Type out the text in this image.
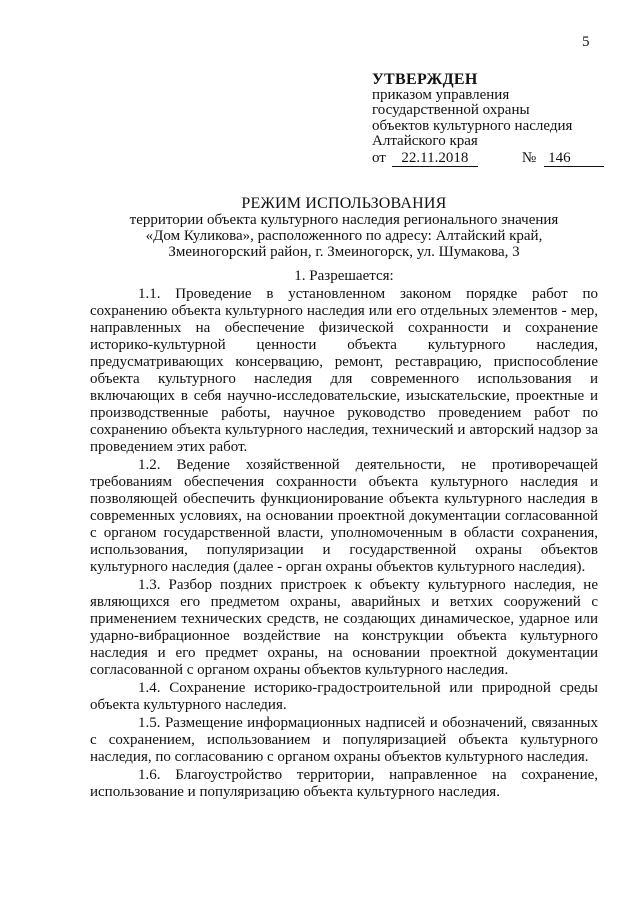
5
УТВЕРЖДЕН
приказом управления
государственной охраны
объектов культурного наследия
Алтайского края
от 22.11.2018	№ 146
РЕЖИМ ИСПОЛЬЗОВАНИЯ
территории объекта культурного наследия регионального значения
«Дом Куликова», расположенного по адресу: Алтайский край,
Змеиногорский район, г. Змеиногорск, ул. Шумакова, 3
1. Разрешается:

1.1. Проведение в установленном законом порядке работ по сохранению объекта культурного наследия или его отдельных элементов - мер, направленных на обеспечение физической сохранности и сохранение историко-культурной ценности объекта культурного наследия, предусматривающих консервацию, ремонт, реставрацию, приспособление объекта культурного наследия для современного использования и включающих в себя научно-исследовательские, изыскательские, проектные и производственные работы, научное руководство проведением работ по сохранению объекта культурного наследия, технический и авторский надзор за проведением этих работ.

1.2. Ведение хозяйственной деятельности, не противоречащей требованиям обеспечения сохранности объекта культурного наследия и позволяющей обеспечить функционирование объекта культурного наследия в современных условиях, на основании проектной документации согласованной с органом государственной власти, уполномоченным в области сохранения, использования, популяризации и государственной охраны объектов культурного наследия (далее - орган охраны объектов культурного наследия).

1.3. Разбор поздних пристроек к объекту культурного наследия, не являющихся его предметом охраны, аварийных и ветхих сооружений с применением технических средств, не создающих динамическое, ударное или ударно-вибрационное воздействие на конструкции объекта культурного наследия и его предмет охраны, на основании проектной документации согласованной с органом охраны объектов культурного наследия.

1.4. Сохранение историко-градостроительной или природной среды объекта культурного наследия.

1.5. Размещение информационных надписей и обозначений, связанных с сохранением, использованием и популяризацией объекта культурного наследия, по согласованию с органом охраны объектов культурного наследия.

1.6. Благоустройство территории, направленное на сохранение, использование и популяризацию объекта культурного наследия.
